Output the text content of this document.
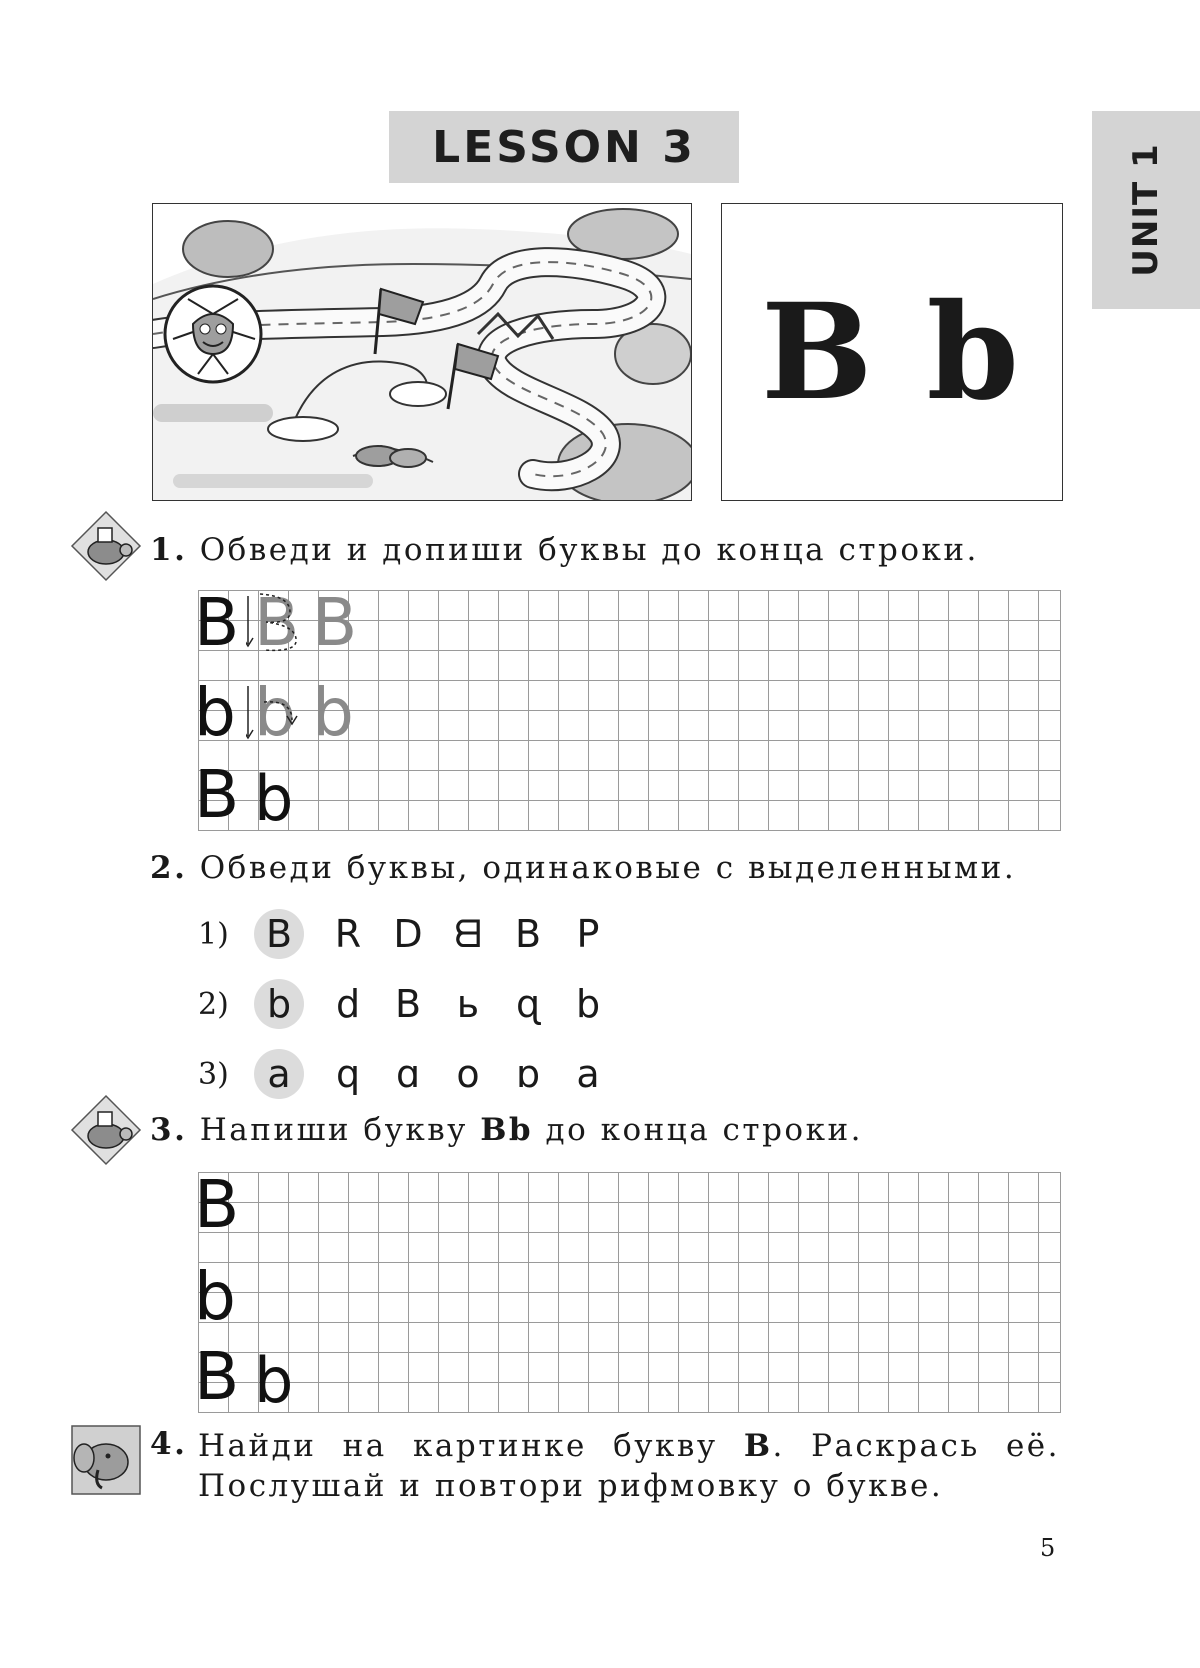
LESSON 3	UNIT 1
B b
1. Обведи и допиши буквы до конца строки.
B B B
b b b
B b
2. Обведи буквы, одинаковые с выделенными.
1) B	R D ᗺ B P
2)	b	d B ь ɋ b
3)	a	q ɑ o ɒ a
3. Напиши букву Bb до конца строки.
B
b
B b
4. Найди на картинке букву B. Раскрась её.
Послушай и повтори рифмовку о букве.
5
